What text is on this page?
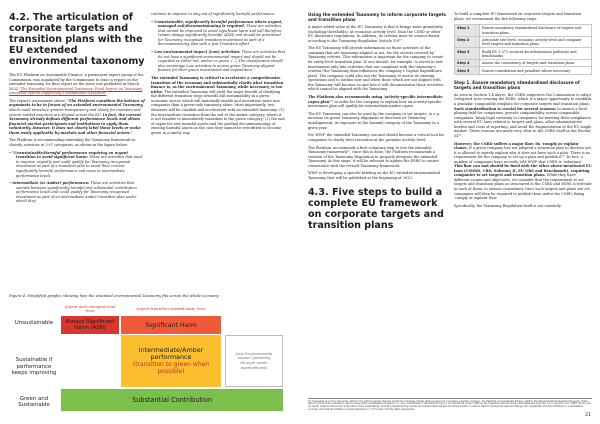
4.2. The articulation of corporate targets and transition plans with the EU extended environmental taxonomy

The EU Platform on Sustainable Finance, a permanent expert group of the Commission, was mandated by the Commission to issue a report on the extended taxonomy. Its final report on the issue was published in March 2022 "The Extended Environmental Taxonomy: Final Report on Taxonomy extension options supporting a sustainable transition"

The report's assessment states: "The Platform considers the balance of arguments to be in favour of an extended environmental Taxonomy, which could introduce greater transparency and clarity for investors and ensure market practices are aligned across the EU. In fact, the current Taxonomy already defines different performance levels and allows financial market participants and institutions to apply them voluntarily. However, it does not clearly label these levels or make them easily applicable by markets and other financial actors."

The Platform is recommending extending the Taxonomy framework to classify activities in 3+1 categories, as shown in the figure below:

• "Unsustainable/Harmful performance requiring an urgent transition to avoid significant harm: These are activities that need to improve urgently and could qualify for Taxonomy recognised investment as part of a transition plan to avoid their current significantly harmful performance and move to intermediate performance levels.

• Intermediate (or Amber) performance: These are activities that operate between significantly harmful and substantial contribution performance levels and could qualify for Taxonomy recognised investment as part of an intermediate Amber transition plan under which they

continue to improve to stay out of significantly harmful performance.

• Unsustainable, significantly harmful performance where urgent, managed exit/decommissioning is required. These are activities that cannot be improved to avoid significant harm and will therefore remain always significantly harmful (ASH) and should be prioritised for Taxonomy recognised transition investment as part of a decommissioning plan with a Just Transition effort

• Low environmental impact (Low) activities: These are activities that do not have a significant environmental impact and should not be regarded as either red, amber or green. (...) The classification should also encourage Low activities to access green Taxonomy-aligned finance for their green investments and expenditure."

The extended Taxonomy is critical to accelerate a comprehensive transition of the economy and substantially clarify what transition finance is, as the environmental Taxonomy, while necessary, is too niche. The extended Taxonomy will yield the major benefit of clarifying the different transition steps towards full sustainability in a given economic sector, which will materially enable and incentivize more non-companies than a green-only taxonomy alone. Most importantly, two elements will be clarified and accelerated with an extended taxonomy: (1) the intermediate transition from the red to the amber category, where it is not feasible to immediately transition to the green category; (2) the end of capex for new harmful assets and the gradual decommissioning of existing harmful assets as the case they cannot be retrofitted to become green in a timely way.

Figure 4. Simplified graphic showing how the extended environmental Taxonomy fits across the whole economy
Unsustainable
Sustainable if performance keeps improving
Green and Sustainable
Urgent and managed exits from	Urgent transition needed away from
Always Significant Harm (ASH)	Significant Harm
Intermediate/Amber performance
(transition to green when possible)
Low Environmental Impact (greening through green expenditures)
Substantial Contribution
Using the extended Taxonomy to inform corporate targets and transition plans

A major added value of the EU Taxonomy is that it brings more granularity (including thresholds), at economic activity level, than the CSRD or other EU disclosure regulations. In addition, its criteria must be science-based, according to the Taxonomy Regulation (Article 19)¹⁹.

The EU Taxonomy will provide information on those activities of the company that are taxonomy-aligned or not, for the sectors covered by Taxonomy criteria. This information is important for the company to create its entity-level transition plan. If, one decade, for example, to invest in new investments only into activities that are compliant with the taxonomy's criteria (the Taxonomy then influences the company's Capital Expenditure plan). The company could also use the Taxonomy to assess its existing operations and to outline how and when those which are not aligned with the Taxonomy will become so and how it will decommission those activities which cannot be aligned with the Taxonomy.

The Platform also recommends using 'activity-specific intermediate capex plan'²⁰ in order for the company to explain how an activity-specific investment plan will qualify for intermediate/amber capex.

The EU Taxonomy can also be used by the company to set targets, to e.g. increase its green Taxonomy alignment or decrease its Taxonomy misalignment, its exposure to the harmful category of the Taxonomy in a given year.

For WWF, the extended Taxonomy can and should become a critical tool for companies to clarify their transition at the granular activity level.

The Platform recommends a first voluntary step to test the extended Taxonomy framework²¹. Once this is done, the Platform recommends a revision of the Taxonomy Regulation to properly integrate the extended Taxonomy. At this stage, it will be relevant to update the ESRS to ensure consistence with the revised Taxonomy framework.

WWF is developing a specific briefing on the EU extended environmental Taxonomy that will be published at the beginning of 2023.

4.3. Five steps to build a complete EU framework on corporate targets and transition plans

To build a complete EU framework on corporate targets and transition plans, we recommend the five following steps:

Step 1	Ensure mandatory standardised disclosure of targets and transition plans
Step 2	Articulate site-level, economic activity-level and company-level targets and transition plans
Step 3	Build EU 1.5°C sectoral decarbonisation pathways and benchmarks
Step 4	Assess the consistency of targets and transition plans
Step 5	Ensure remediation and penalties where necessary
Step 1. Ensure mandatory standardised disclosure of targets and transition plans

As seen in Section 1.4 above, the CSRD empowers the Commission to adopt Delegated Acts creating the ESRS, which is a major opportunity to establish a granular, comparable template for corporate targets and transition plans. Such standardisation is crucial for several reasons: to ensure a level playing field for companies, provide comparability across comparable companies, bring legal certainty to companies for meeting their compliance with several EU laws related to targets and plans, allow administrative burden and costs of reporting, and avoid the fragmentation of the EU single market. These reasons are made very clear in the CSRD itself in the Recital 54²².

However, the CSRD suffers a major flaw: its 'comply or explain' clause. If a given company has not adopted a transition plan to disclose yet, it is allowed to merely explain why it does not have such a plan. There is no requirement for the company to set up a plan and publish it²³. In fact, a number of companies have recently told WWF that CSRD is 'voluntary'. This flaw can and should be fixed with the other above-mentioned EU laws (CSDDD, CRD, Solvency II, EU GBS and Benchmark), requiring companies to set targets and transition plans. While they have different scopes and objectives, we consider that the requirement to set targets and transition plans as structured in the CSRD and ESRS is relevant in each of them, to ensure consistency. Once such targets and plans are set, companies will then be required to publish them under the CSRD, fixing 'comply or explain' flaw.

Specifically, the Taxonomy Regulation itself is not currently

19. Delegated Act of the taxonomy, Article 19 2 which requires that the technical screening criteria shall be based on conclusive scientific evidence. 20. Platform on Sustainable Finance (2022) The Extended Environmental Taxonomy: Final Report on Taxonomy extension options supporting a sustainable transition. 21. See commitment to the Platform report. 22. Recital 54 of the CSRD on the transition plan disclosure and alignment with the 1.5°C objective. 23. CSRD Article 19a (2) (a)(iii) requires disclosure of the plans of the undertaking, including implementing actions and related financial and investment plans, to ensure that its business model and strategy are compatible with the transition to a sustainable economy and with the limiting of global warming to 1.5°C in line with the Paris Agreement.
21
